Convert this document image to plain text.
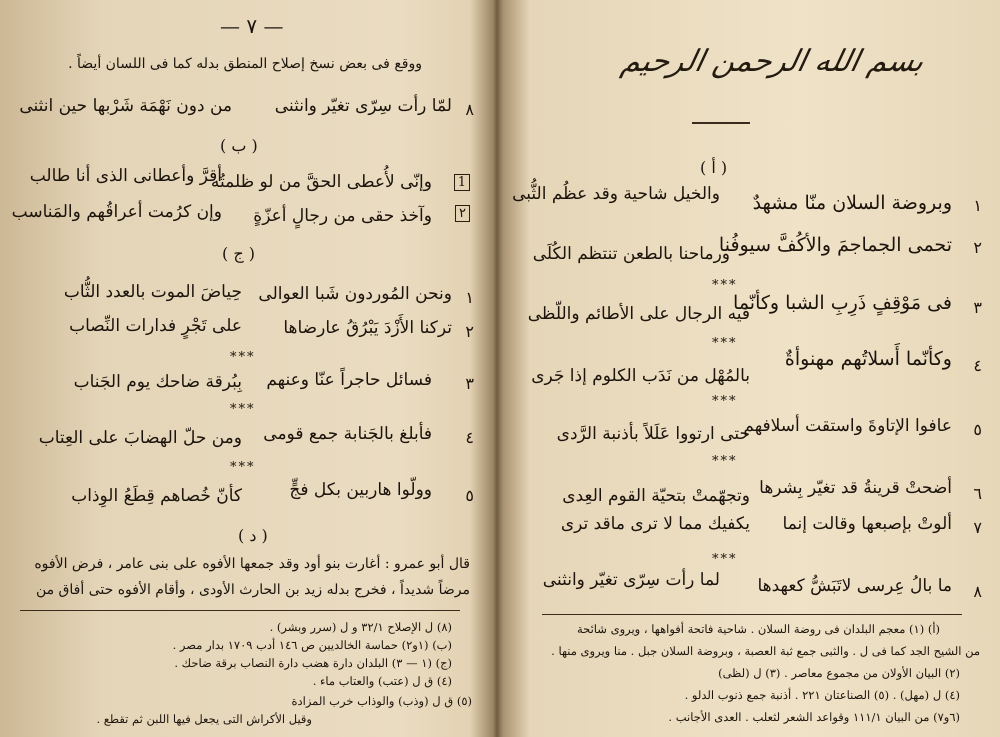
— ٧ —
ووقع فى بعض نسخ إصلاح المنطق بدله كما فى اللسان أيضاً .
٨
لمّا رأت سِرّى تغيّر وانثنى
من دون نَهْمَة شَرْبها حين انثنى
( ب )
1
٢
وإنّى لأُعطى الحقَّ من لو ظلمتُه
أقرَّ وأعطانى الذى أنا طالب
وآخذ حقى من رجالٍ أعزّةٍ
وإن كرُمت أعراقُهم والمَناسب
( ج )
١
ونحن المُوردون شَبا العوالى
حِياضَ الموت بالعدد الثُّاب
٢
تركنا الأَزْدَ يَبْرُقُ عارضاها
على تَجْرٍ فدارات النِّصاب
***
٣
فسائل حاجراً عنّا وعنهم
بِبُرقة ضاحك يوم الجَناب
***
٤
فأبلغ بالجَنابة جمع قومى
ومن حلّ الهضابَ على العِتاب
***
٥
وولّوا هاربين بكل فجٍّ
كأنّ خُصاهم قِطَعُ الوِذاب
( د )
قال أبو عمرو : أغارت بنو أود وقد جمعها الأفوه على بنى عامر ، فرض الأفوه
مرضاً شديداً ، فخرج بدله زيد بن الحارث الأودى ، وأقام الأفوه حتى أفاق من
(٨) ل الإصلاح ٣٢/١ و ل (سرر وبشر) .
(ب) (١و٢) حماسة الخالديين ص ١٤٦ أدب ١٧٠٩ بدار مصر .
(ج) (١ — ٣) البلدان دارة هضب دارة النصاب برقة ضاحك .
(٤) ق ل (عتب) والعتاب ماء .
(٥) ق ل (وذب) والوذاب خرب المزادة
وقيل الأكراش التى يجعل فيها اللبن ثم تقطع .
بسم الله الرحمن الرحيم
( أ )
١
وبروضة السلان منّا مشهدٌ
والخيل شاحية وقد عظُم الثُّبى
٢
تحمى الجماجمَ والأكُفَّ سيوفُنا
ورماحنا بالطعن تنتظم الكُلَى
***
٣
فى مَوْقِفٍ ذَرِبِ الشبا وكأنّما
فيه الرجال على الأطائم واللّظى
***
٤
وكأنّما أَسلاتُهم مهنوأةٌ
بالمُهْل من نَدَب الكلوم إذا جَرى
***
٥
عافوا الإتاوةَ واستقت أسلافهم
حتى ارتووا عَلَلاً بأذنبة الرَّدى
***
٦
أضحتْ قرينةُ قد تغيّر بِشرها
وتجهّمتْ بتحيّة القوم العِدى
٧
ألوتْ بإصبعها وقالت إنما
يكفيك مما لا ترى ماقد ترى
***
٨
ما بالُ عِرسى لاتَبَشُّ كعهدها
لما رأت سِرّى تغيّر وانثنى
(أ) (١) معجم البلدان فى روضة السلان . شاحية فاتحة أفواهها ، ويروى شائحة
من الشيح الجد كما فى ل . والثبى جمع ثبة العصبة ، وبروضة السلان جبل . منا ويروى منها .
(٢) البيان الأولان من مجموع معاصر . (٣) ل (لظى)
(٤) ل (مهل) . (٥) الصناعتان ٢٢١ . أذنبة جمع ذنوب الدلو .
(٦و٧) من البيان ١١١/١ وقواعد الشعر لثعلب . العدى الأجانب .
